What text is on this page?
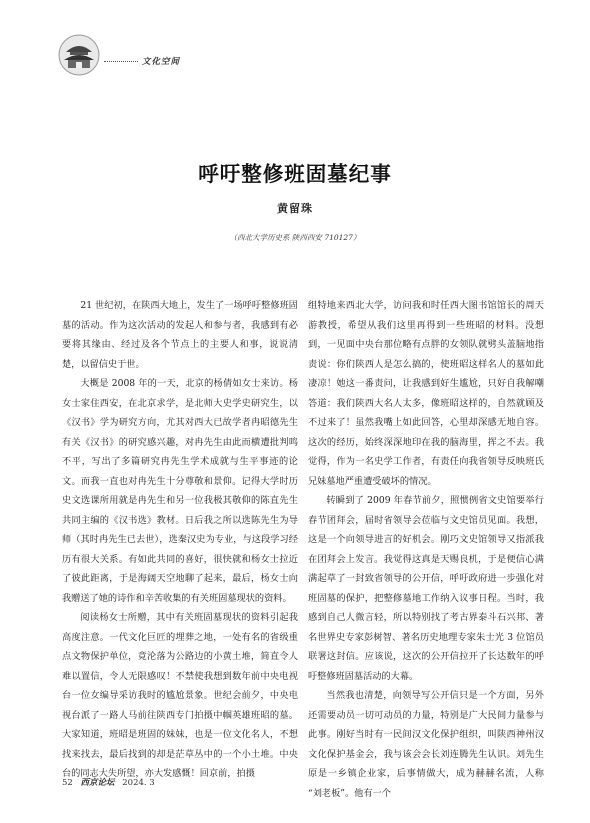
文化空间
呼吁整修班固墓纪事
黄留珠
（西北大学历史系 陕西西安 710127）

21 世纪初，在陕西大地上，发生了一场呼吁整修班固墓的活动。作为这次活动的发起人和参与者，我感到有必要将其缘由、经过及各个节点上的主要人和事，说说清楚，以留信史于世。

大概是 2008 年的一天，北京的杨倩如女士来访。杨女士家住西安，在北京求学，是北师大史学史研究生，以《汉书》学为研究方向，尤其对西大已故学者冉昭德先生有关《汉书》的研究感兴趣，对冉先生由此而横遭批判鸣不平，写出了多篇研究冉先生学术成就与生平事迹的论文。而我一直也对冉先生十分尊敬和景仰。记得大学时历史文选课所用就是冉先生和另一位我极其敬仰的陈直先生共同主编的《汉书选》教材。日后我之所以选陈先生为导师（其时冉先生已去世），选秦汉史为专业，与这段学习经历有很大关系。有如此共同的喜好，很快就和杨女士拉近了彼此距离，于是海阔天空地聊了起来，最后，杨女士向我赠送了她的诗作和辛苦收集的有关班固墓现状的资料。

阅读杨女士所赠，其中有关班固墓现状的资料引起我高度注意。一代文化巨匠的埋葬之地，一处有名的省级重点文物保护单位，竟沦落为公路边的小黄土堆，简直令人难以置信，令人无限感叹！不禁使我想到数年前中央电视台一位女编导采访我时的尴尬景象。世纪会前夕，中央电视台派了一路人马前往陕西专门拍摄中帼英雄班昭的墓。大家知道，班昭是班固的妹妹，也是一位文化名人，不想找来找去，最后找到的却是茫草丛中的一个小土堆。中央台的同志大失所望，亦大发感慨！回京前，拍摄

组特地来西北大学，访问我和时任西大图书馆馆长的周天游教授，希望从我们这里再得到一些班昭的材料。没想到，一见面中央台那位略有点胖的女领队就劈头盖脑地指责说：你们陕西人是怎么搞的，使班昭这样名人的墓如此凄凉！她这一番责问，让我感到好生尴尬，只好自我解嘲答道：我们陕西大名人太多，像班昭这样的，自然就顾及不过来了！虽然我嘴上如此回答，心里却深感无地自容。这次的经历，始终深深地印在我的脑海里，挥之不去。我觉得，作为一名史学工作者，有责任向我省领导反映班氏兄妹墓地严重遭受破坏的情况。

转瞬到了 2009 年春节前夕，照惯例省文史馆要举行春节团拜会，届时省领导会莅临与文史馆员见面。我想，这是一个向领导进言的好机会。刚巧文史馆领导又指派我在团拜会上发言。我觉得这真是天赐良机，于是便信心满满起草了一封致省领导的公开信，呼吁政府进一步强化对班固墓的保护，把整修墓地工作纳入议事日程。当时，我感到自己人微言轻，所以特别找了考古界泰斗石兴邦、著名世界史专家彭树智、著名历史地理专家朱士光 3 位馆员联署这封信。应该说，这次的公开信拉开了长达数年的呼吁整修班固墓活动的大幕。

当然我也清楚，向领导写公开信只是一个方面，另外还需要动员一切可动员的力量，特别是广大民间力量参与此事。刚好当时有一民间汉文化保护组织，叫陕西神州汉文化保护基金会，我与该会会长刘连腾先生认识。刘先生原是一乡镇企业家，后事情做大，成为赫赫名流，人称 “刘老板”。他有一个

52 西京论坛 2024. 3
